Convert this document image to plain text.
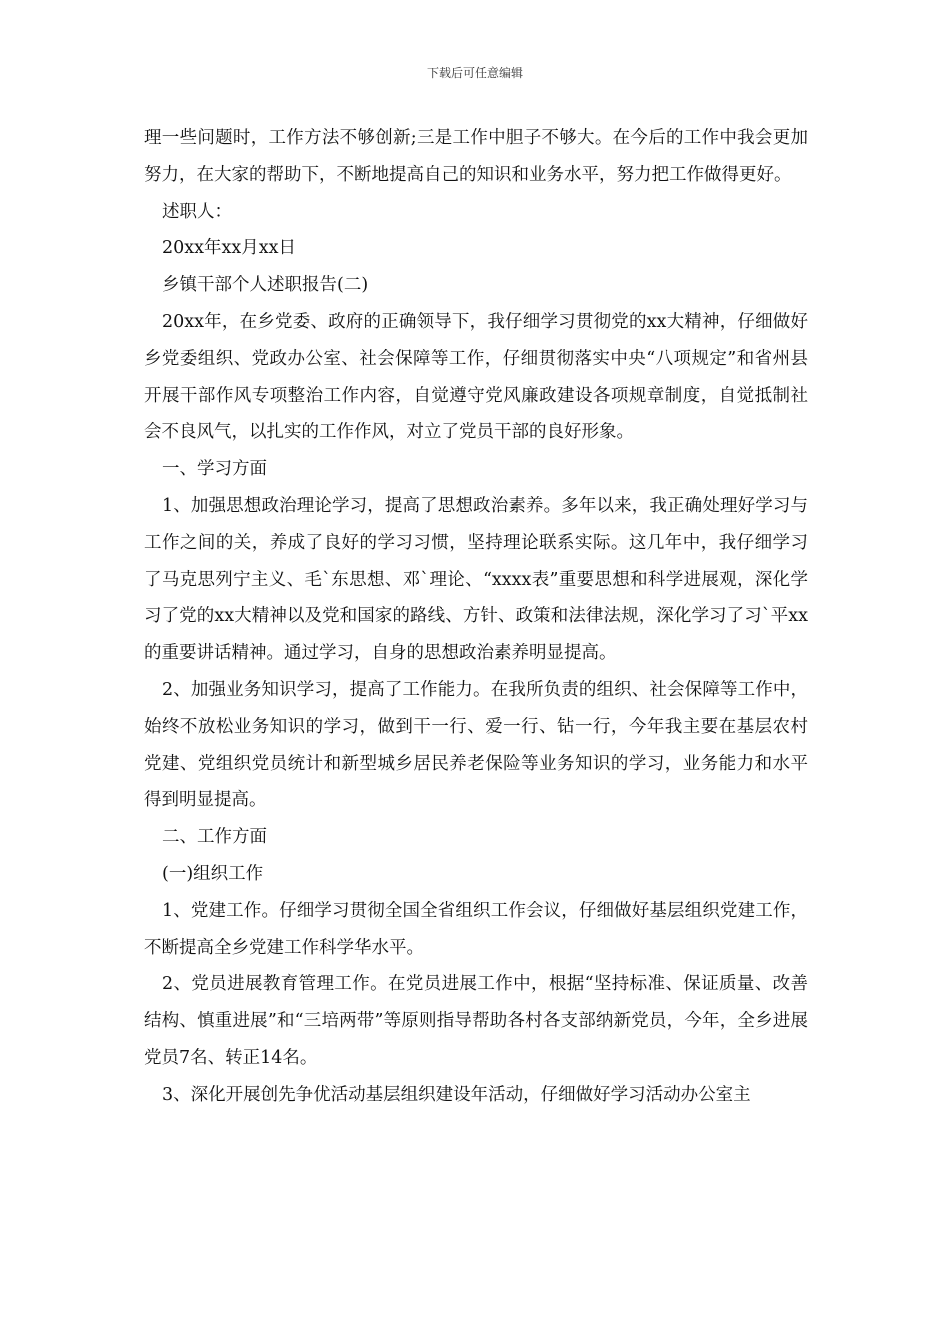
下载后可任意编辑

理一些问题时，工作方法不够创新;三是工作中胆子不够大。在今后的工作中我会更加努力，在大家的帮助下，不断地提高自己的知识和业务水平，努力把工作做得更好。

述职人：

20xx年xx月xx日

乡镇干部个人述职报告(二)

20xx年，在乡党委、政府的正确领导下，我仔细学习贯彻党的xx大精神，仔细做好乡党委组织、党政办公室、社会保障等工作，仔细贯彻落实中央“八项规定”和省州县开展干部作风专项整治工作内容，自觉遵守党风廉政建设各项规章制度，自觉抵制社会不良风气，以扎实的工作作风，对立了党员干部的良好形象。

一、学习方面

1、加强思想政治理论学习，提高了思想政治素养。多年以来，我正确处理好学习与工作之间的关，养成了良好的学习习惯，坚持理论联系实际。这几年中，我仔细学习了马克思列宁主义、毛`东思想、邓`理论、“xxxx表”重要思想和科学进展观，深化学习了党的xx大精神以及党和国家的路线、方针、政策和法律法规，深化学习了习`平xx的重要讲话精神。通过学习，自身的思想政治素养明显提高。

2、加强业务知识学习，提高了工作能力。在我所负责的组织、社会保障等工作中，始终不放松业务知识的学习，做到干一行、爱一行、钻一行，今年我主要在基层农村党建、党组织党员统计和新型城乡居民养老保险等业务知识的学习，业务能力和水平得到明显提高。

二、工作方面

(一)组织工作

1、党建工作。仔细学习贯彻全国全省组织工作会议，仔细做好基层组织党建工作，不断提高全乡党建工作科学华水平。

2、党员进展教育管理工作。在党员进展工作中，根据“坚持标准、保证质量、改善结构、慎重进展”和“三培两带”等原则指导帮助各村各支部纳新党员，今年，全乡进展党员7名、转正14名。

3、深化开展创先争优活动基层组织建设年活动，仔细做好学习活动办公室主
